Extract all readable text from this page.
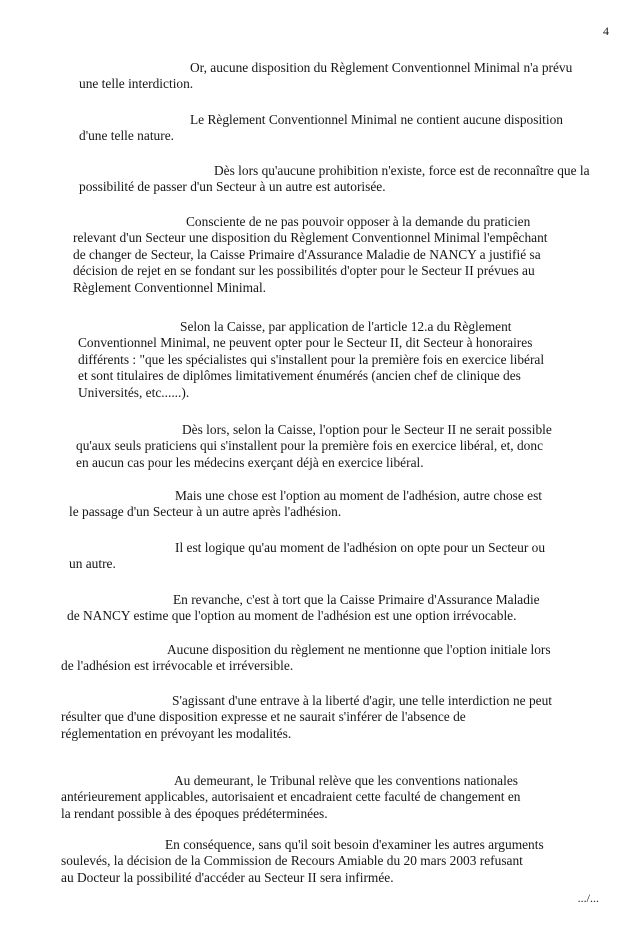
4
Or, aucune disposition du Règlement Conventionnel Minimal n'a prévu
une telle interdiction.
Le Règlement Conventionnel Minimal ne contient aucune disposition
d'une telle nature.
Dès lors qu'aucune prohibition n'existe, force est de reconnaître que la
possibilité de passer d'un Secteur à un autre est autorisée.
Consciente de ne pas pouvoir opposer à la demande du praticien
relevant d'un Secteur une disposition du Règlement Conventionnel Minimal l'empêchant
de changer de Secteur, la Caisse Primaire d'Assurance Maladie de NANCY a justifié sa
décision de rejet en se fondant sur les possibilités d'opter pour le Secteur II prévues au
Règlement Conventionnel Minimal.
Selon la Caisse, par application de l'article 12.a du Règlement
Conventionnel Minimal, ne peuvent opter pour le Secteur II, dit Secteur à honoraires
différents : "que les spécialistes qui s'installent pour la première fois en exercice libéral
et sont titulaires de diplômes limitativement énumérés (ancien chef de clinique des
Universités, etc......).
Dès lors, selon la Caisse, l'option pour le Secteur II ne serait possible
qu'aux seuls praticiens qui s'installent pour la première fois en exercice libéral, et, donc
en aucun cas pour les médecins exerçant déjà en exercice libéral.
Mais une chose est l'option au moment de l'adhésion, autre chose est
le passage d'un Secteur à un autre après l'adhésion.
Il est logique qu'au moment de l'adhésion on opte pour un Secteur ou
un autre.
En revanche, c'est à tort que la Caisse Primaire d'Assurance Maladie
de NANCY estime que l'option au moment de l'adhésion est une option irrévocable.
Aucune disposition du règlement ne mentionne que l'option initiale lors
de l'adhésion est irrévocable et irréversible.
S'agissant d'une entrave à la liberté d'agir, une telle interdiction ne peut
résulter que d'une disposition expresse et ne saurait s'inférer de l'absence de
réglementation en prévoyant les modalités.
Au demeurant, le Tribunal relève que les conventions nationales
antérieurement applicables, autorisaient et encadraient cette faculté de changement en
la rendant possible à des époques prédéterminées.
En conséquence, sans qu'il soit besoin d'examiner les autres arguments
soulevés, la décision de la Commission de Recours Amiable du 20 mars 2003 refusant
au Docteur la possibilité d'accéder au Secteur II sera infirmée.
.../...
